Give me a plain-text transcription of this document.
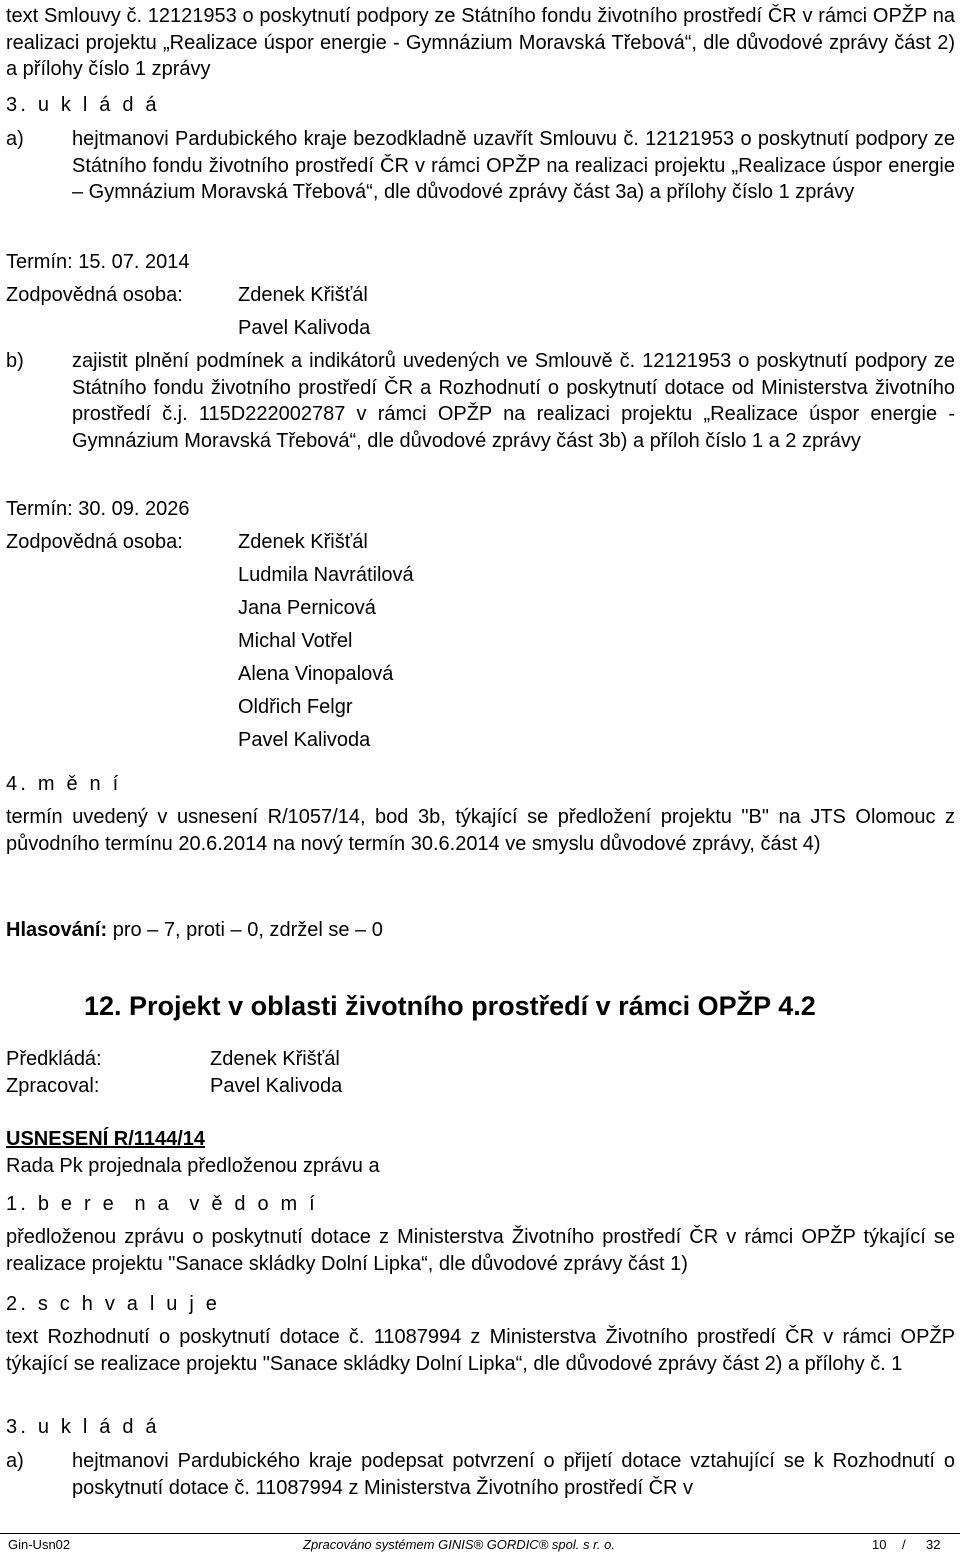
text Smlouvy č. 12121953 o poskytnutí podpory ze Státního fondu životního prostředí ČR v rámci OPŽP na realizaci projektu „Realizace úspor energie - Gymnázium Moravská Třebová“, dle důvodové zprávy část 2) a přílohy číslo 1 zprávy

3. u k l á d á
a) hejtmanovi Pardubického kraje bezodkladně uzavřít Smlouvu č. 12121953 o poskytnutí podpory ze Státního fondu životního prostředí ČR v rámci OPŽP na realizaci projektu „Realizace úspor energie – Gymnázium Moravská Třebová“, dle důvodové zprávy část 3a) a přílohy číslo 1 zprávy

Termín: 15. 07. 2014
Zodpovědná osoba:	Zdenek Křišťál
Pavel Kalivoda
b) zajistit plnění podmínek a indikátorů uvedených ve Smlouvě č. 12121953 o poskytnutí podpory ze Státního fondu životního prostředí ČR a Rozhodnutí o poskytnutí dotace od Ministerstva životního prostředí č.j. 115D222002787 v rámci OPŽP na realizaci projektu „Realizace úspor energie - Gymnázium Moravská Třebová“, dle důvodové zprávy část 3b) a příloh číslo 1 a 2 zprávy

Termín: 30. 09. 2026
Zodpovědná osoba:	Zdenek Křišťál
Ludmila Navrátilová
Jana Pernicová
Michal Votřel
Alena Vinopalová
Oldřich Felgr
Pavel Kalivoda
4. m ě n í

termín uvedený v usnesení R/1057/14, bod 3b, týkající se předložení projektu "B" na JTS Olomouc z původního termínu 20.6.2014 na nový termín 30.6.2014 ve smyslu důvodové zprávy, část 4)

Hlasování: pro – 7, proti – 0, zdržel se – 0
12. Projekt v oblasti životního prostředí v rámci OPŽP 4.2
Předkládá:	Zdenek Křišťál
Zpracoval:	Pavel Kalivoda
USNESENÍ R/1144/14
Rada Pk projednala předloženou zprávu a
1. b e r e  n a  v ě d o m í

předloženou zprávu o poskytnutí dotace z Ministerstva Životního prostředí ČR v rámci OPŽP týkající se realizace projektu "Sanace skládky Dolní Lipka“, dle důvodové zprávy část 1)

2. s c h v a l u j e

text Rozhodnutí o poskytnutí dotace č. 11087994 z Ministerstva Životního prostředí ČR v rámci OPŽP týkající se realizace projektu "Sanace skládky Dolní Lipka“, dle důvodové zprávy část 2) a přílohy č. 1

3. u k l á d á
a) hejtmanovi Pardubického kraje podepsat potvrzení o přijetí dotace vztahující se k Rozhodnutí o poskytnutí dotace č. 11087994 z Ministerstva Životního prostředí ČR v

Gin-Usn02	Zpracováno systémem GINIS® GORDIC® spol. s r. o.	10 / 32
